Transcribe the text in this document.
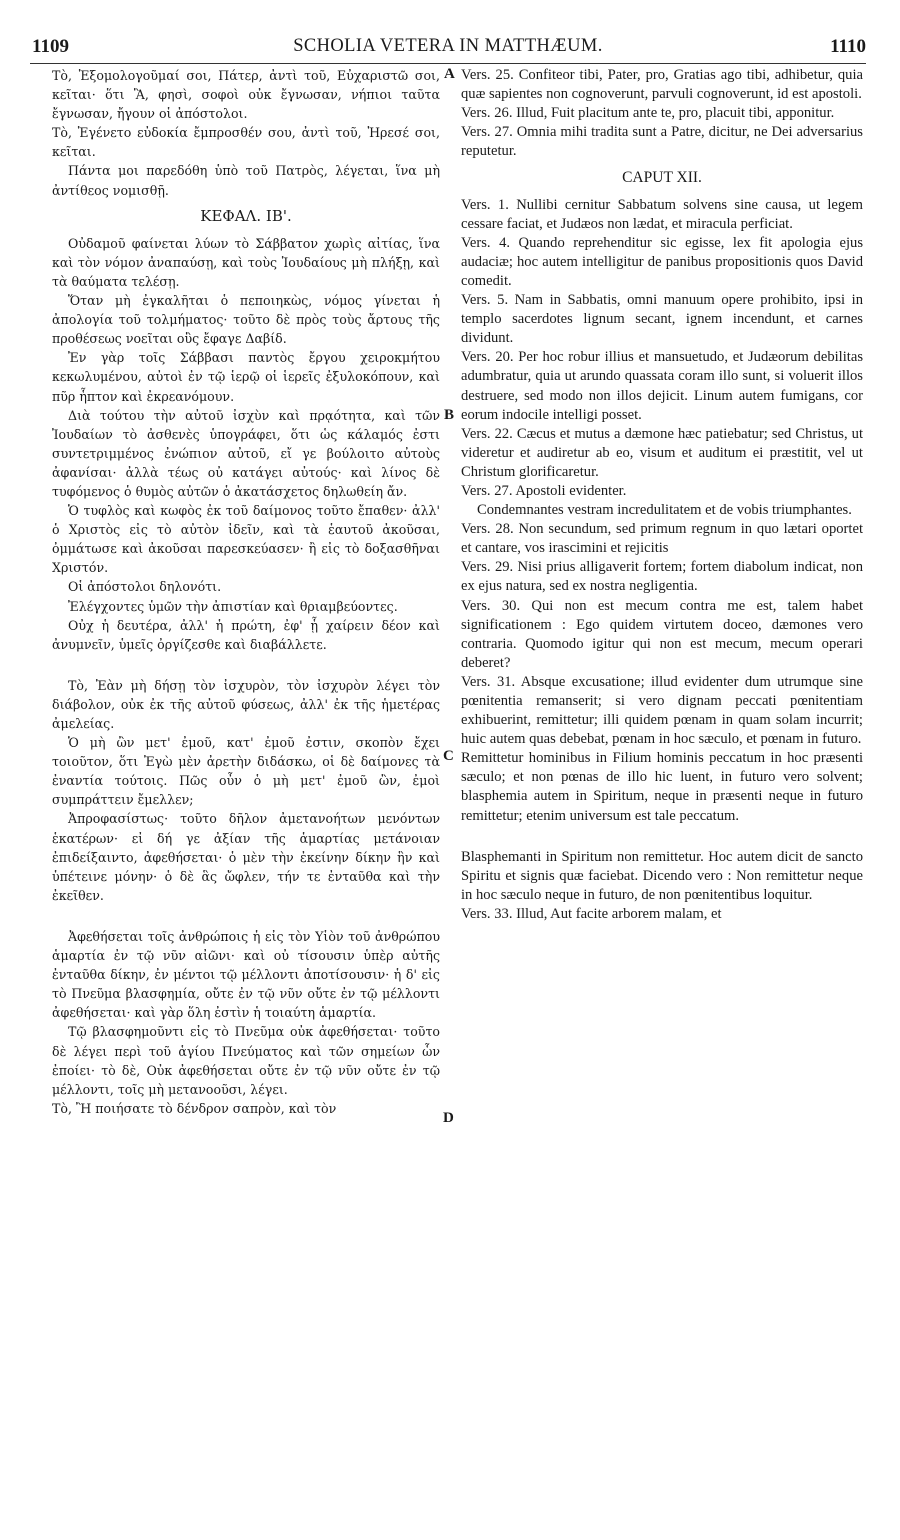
1109	SCHOLIA VETERA IN MATTHÆUM.	1110
A
B
C
D

Τὸ, Ἐξομολογοῦμαί σοι, Πάτερ, ἀντὶ τοῦ, Εὐχαριστῶ σοι, κεῖται· ὅτι Ἃ, φησὶ, σοφοὶ οὐκ ἔγνωσαν, νήπιοι ταῦτα ἔγνωσαν, ἤγουν οἱ ἀπόστολοι.

Τὸ, Ἐγένετο εὐδοκία ἔμπροσθέν σου, ἀντὶ τοῦ, Ἠρεσέ σοι, κεῖται.

Πάντα μοι παρεδόθη ὑπὸ τοῦ Πατρὸς, λέγεται, ἵνα μὴ ἀντίθεος νομισθῇ.

ΚΕΦΑΛ. ΙΒ'.

Οὐδαμοῦ φαίνεται λύων τὸ Σάββατον χωρὶς αἰτίας, ἵνα καὶ τὸν νόμον ἀναπαύσῃ, καὶ τοὺς Ἰουδαίους μὴ πλήξῃ, καὶ τὰ θαύματα τελέσῃ.

Ὅταν μὴ ἐγκαλῆται ὁ πεποιηκὼς, νόμος γίνεται ἡ ἀπολογία τοῦ τολμήματος· τοῦτο δὲ πρὸς τοὺς ἄρτους τῆς προθέσεως νοεῖται οὓς ἔφαγε Δαβίδ.

Ἐν γὰρ τοῖς Σάββασι παντὸς ἔργου χειροκμήτου κεκωλυμένου, αὐτοὶ ἐν τῷ ἱερῷ οἱ ἱερεῖς ἐξυλοκόπουν, καὶ πῦρ ἧπτον καὶ ἐκρεανόμουν.

Διὰ τούτου τὴν αὐτοῦ ἰσχὺν καὶ πρᾳότητα, καὶ τῶν Ἰουδαίων τὸ ἀσθενὲς ὑπογράφει, ὅτι ὡς κάλαμός ἐστι συντετριμμένος ἐνώπιον αὐτοῦ, εἴ γε βούλοιτο αὐτοὺς ἀφανίσαι· ἀλλὰ τέως οὐ κατάγει αὐτούς· καὶ λίνος δὲ τυφόμενος ὁ θυμὸς αὐτῶν ὁ ἀκατάσχετος δηλωθείη ἄν.

Ὁ τυφλὸς καὶ κωφὸς ἐκ τοῦ δαίμονος τοῦτο ἔπαθεν· ἀλλ' ὁ Χριστὸς εἰς τὸ αὐτὸν ἰδεῖν, καὶ τὰ ἑαυτοῦ ἀκοῦσαι, ὀμμάτωσε καὶ ἀκοῦσαι παρεσκεύασεν· ἢ εἰς τὸ δοξασθῆναι Χριστόν.

Οἱ ἀπόστολοι δηλονότι.

Ἐλέγχοντες ὑμῶν τὴν ἀπιστίαν καὶ θριαμβεύοντες.

Οὐχ ἡ δευτέρα, ἀλλ' ἡ πρώτη, ἐφ' ᾗ χαίρειν δέον καὶ ἀνυμνεῖν, ὑμεῖς ὀργίζεσθε καὶ διαβάλλετε.

Τὸ, Ἐὰν μὴ δήσῃ τὸν ἰσχυρὸν, τὸν ἰσχυρὸν λέγει τὸν διάβολον, οὐκ ἐκ τῆς αὐτοῦ φύσεως, ἀλλ' ἐκ τῆς ἡμετέρας ἀμελείας.

Ὁ μὴ ὢν μετ' ἐμοῦ, κατ' ἐμοῦ ἐστιν, σκοπὸν ἔχει τοιοῦτον, ὅτι Ἐγὼ μὲν ἀρετὴν διδάσκω, οἱ δὲ δαίμονες τὰ ἐναντία τούτοις. Πῶς οὖν ὁ μὴ μετ' ἐμοῦ ὢν, ἐμοὶ συμπράττειν ἔμελλεν;

Ἀπροφασίστως· τοῦτο δῆλον ἀμετανοήτων μενόντων ἑκατέρων· εἰ δή γε ἀξίαν τῆς ἁμαρτίας μετάνοιαν ἐπιδείξαιντο, ἀφεθήσεται· ὁ μὲν τὴν ἐκείνην δίκην ἣν καὶ ὑπέτεινε μόνην· ὁ δὲ ἃς ὤφλεν, τήν τε ἐνταῦθα καὶ τὴν ἐκεῖθεν.

Ἀφεθήσεται τοῖς ἀνθρώποις ἡ εἰς τὸν Υἱὸν τοῦ ἀνθρώπου ἁμαρτία ἐν τῷ νῦν αἰῶνι· καὶ οὐ τίσουσιν ὑπὲρ αὐτῆς ἐνταῦθα δίκην, ἐν μέντοι τῷ μέλλοντι ἀποτίσουσιν· ἡ δ' εἰς τὸ Πνεῦμα βλασφημία, οὔτε ἐν τῷ νῦν οὔτε ἐν τῷ μέλλοντι ἀφεθήσεται· καὶ γὰρ ὅλη ἐστὶν ἡ τοιαύτη ἁμαρτία.

Τῷ βλασφημοῦντι εἰς τὸ Πνεῦμα οὐκ ἀφεθήσεται· τοῦτο δὲ λέγει περὶ τοῦ ἁγίου Πνεύματος καὶ τῶν σημείων ὧν ἐποίει· τὸ δὲ, Οὐκ ἀφεθήσεται οὔτε ἐν τῷ νῦν οὔτε ἐν τῷ μέλλοντι, τοῖς μὴ μετανοοῦσι, λέγει.

Τὸ, Ἢ ποιήσατε τὸ δένδρον σαπρὸν, καὶ τὸν

Vers. 25. Confiteor tibi, Pater, pro, Gratias ago tibi, adhibetur, quia quæ sapientes non cognoverunt, parvuli cognoverunt, id est apostoli.

Vers. 26. Illud, Fuit placitum ante te, pro, placuit tibi, apponitur.

Vers. 27. Omnia mihi tradita sunt a Patre, dicitur, ne Dei adversarius reputetur.

CAPUT XII.

Vers. 1. Nullibi cernitur Sabbatum solvens sine causa, ut legem cessare faciat, et Judæos non lædat, et miracula perficiat.

Vers. 4. Quando reprehenditur sic egisse, lex fit apologia ejus audaciæ; hoc autem intelligitur de panibus propositionis quos David comedit.

Vers. 5. Nam in Sabbatis, omni manuum opere prohibito, ipsi in templo sacerdotes lignum secant, ignem incendunt, et carnes dividunt.

Vers. 20. Per hoc robur illius et mansuetudo, et Judæorum debilitas adumbratur, quia ut arundo quassata coram illo sunt, si voluerit illos destruere, sed modo non illos dejicit. Linum autem fumigans, cor eorum indocile intelligi posset.

Vers. 22. Cæcus et mutus a dæmone hæc patiebatur; sed Christus, ut videretur et audiretur ab eo, visum et auditum ei præstitit, vel ut Christum glorificaretur.

Vers. 27. Apostoli evidenter.

Condemnantes vestram incredulitatem et de vobis triumphantes.

Vers. 28. Non secundum, sed primum regnum in quo lætari oportet et cantare, vos irascimini et rejicitis

Vers. 29. Nisi prius alligaverit fortem; fortem diabolum indicat, non ex ejus natura, sed ex nostra negligentia.

Vers. 30. Qui non est mecum contra me est, talem habet significationem : Ego quidem virtutem doceo, dæmones vero contraria. Quomodo igitur qui non est mecum, mecum operari deberet?

Vers. 31. Absque excusatione; illud evidenter dum utrumque sine pœnitentia remanserit; si vero dignam peccati pœnitentiam exhibuerint, remittetur; illi quidem pœnam in quam solam incurrit; huic autem quas debebat, pœnam in hoc sæculo, et pœnam in futuro.

Remittetur hominibus in Filium hominis peccatum in hoc præsenti sæculo; et non pœnas de illo hic luent, in futuro vero solvent; blasphemia autem in Spiritum, neque in præsenti neque in futuro remittetur; etenim universum est tale peccatum.

Blasphemanti in Spiritum non remittetur. Hoc autem dicit de sancto Spiritu et signis quæ faciebat. Dicendo vero : Non remittetur neque in hoc sæculo neque in futuro, de non pœnitentibus loquitur.

Vers. 33. Illud, Aut facite arborem malam, et
